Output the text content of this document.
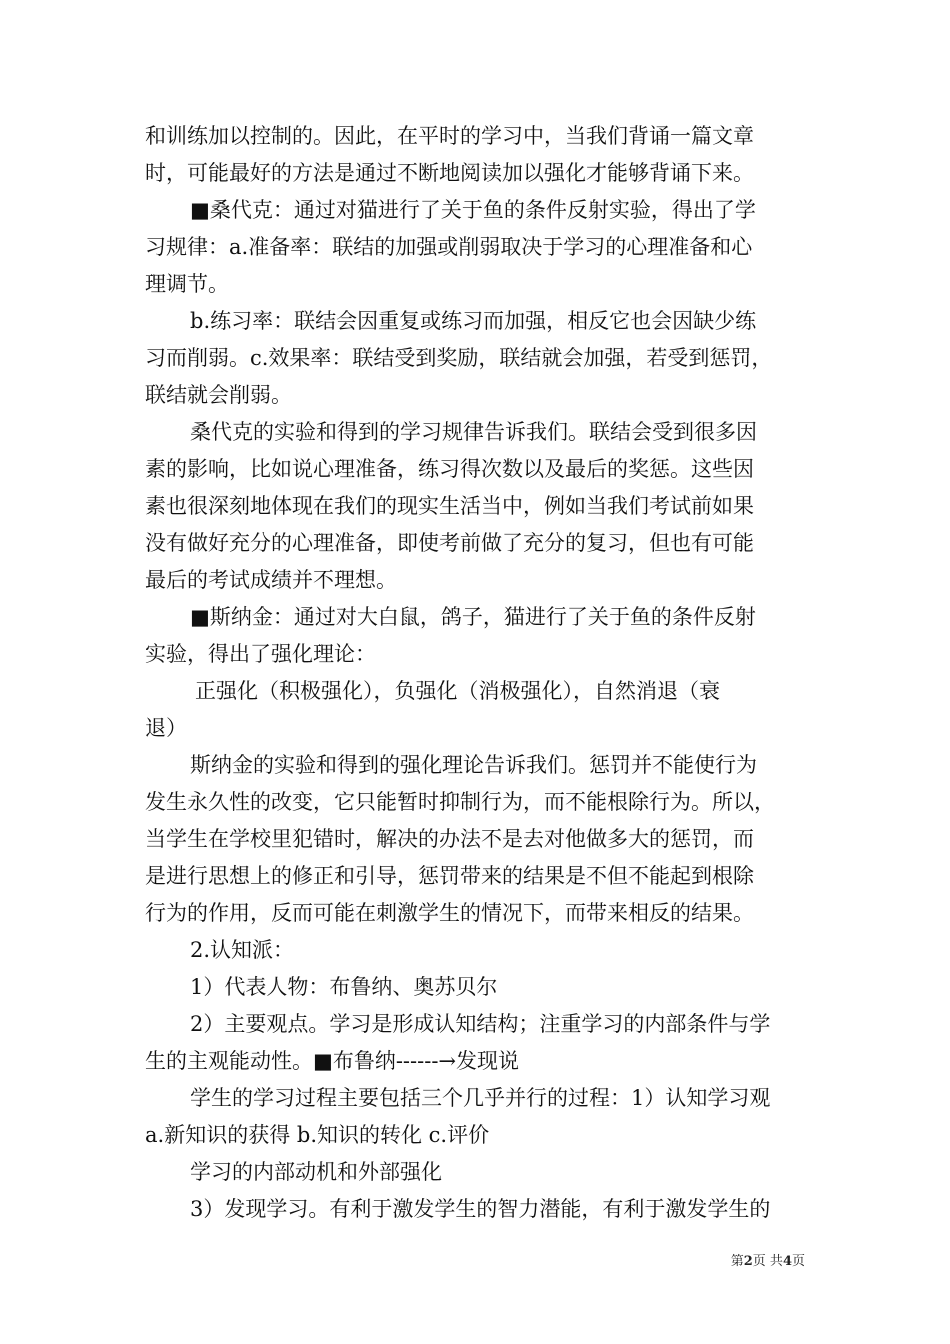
和训练加以控制的。因此，在平时的学习中，当我们背诵一篇文章
时，可能最好的方法是通过不断地阅读加以强化才能够背诵下来。
■桑代克：通过对猫进行了关于鱼的条件反射实验，得出了学
习规律：a.准备率：联结的加强或削弱取决于学习的心理准备和心
理调节。
b.练习率：联结会因重复或练习而加强，相反它也会因缺少练
习而削弱。c.效果率：联结受到奖励，联结就会加强，若受到惩罚，
联结就会削弱。
桑代克的实验和得到的学习规律告诉我们。联结会受到很多因
素的影响，比如说心理准备，练习得次数以及最后的奖惩。这些因
素也很深刻地体现在我们的现实生活当中，例如当我们考试前如果
没有做好充分的心理准备，即使考前做了充分的复习，但也有可能
最后的考试成绩并不理想。
■斯纳金：通过对大白鼠，鸽子，猫进行了关于鱼的条件反射
实验，得出了强化理论：
正强化（积极强化），负强化（消极强化），自然消退（衰
退）
斯纳金的实验和得到的强化理论告诉我们。惩罚并不能使行为
发生永久性的改变，它只能暂时抑制行为，而不能根除行为。所以，
当学生在学校里犯错时，解决的办法不是去对他做多大的惩罚，而
是进行思想上的修正和引导，惩罚带来的结果是不但不能起到根除
行为的作用，反而可能在刺激学生的情况下，而带来相反的结果。
2.认知派：
1）代表人物：布鲁纳、奥苏贝尔
2）主要观点。学习是形成认知结构；注重学习的内部条件与学
生的主观能动性。■布鲁纳------→发现说
学生的学习过程主要包括三个几乎并行的过程：1）认知学习观
a.新知识的获得 b.知识的转化 c.评价
学习的内部动机和外部强化
3）发现学习。有利于激发学生的智力潜能，有利于激发学生的
第2页 共4页
